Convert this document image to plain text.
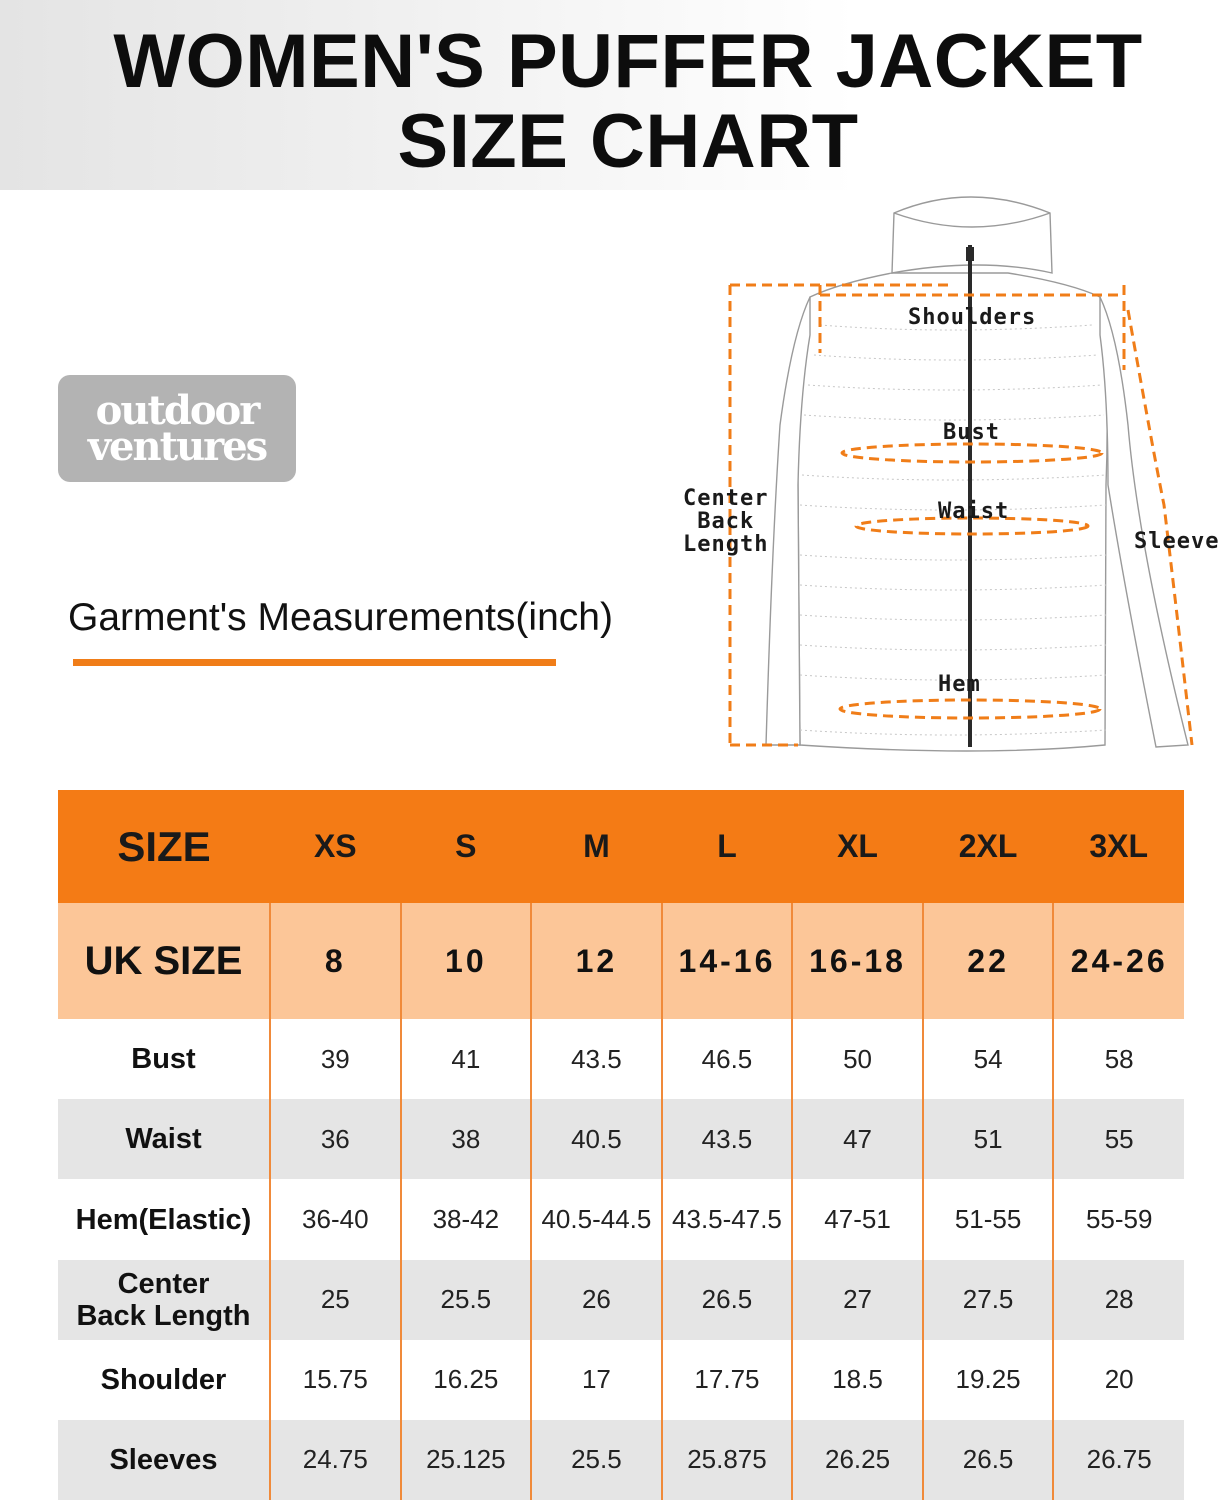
WOMEN'S PUFFER JACKET
SIZE CHART
outdoor
ventures
Garment's Measurements(inch)
Shoulders
Bust
Waist
Center
Back
Length	Sleeve
Hem
SIZE	XS	S	M	L	XL	2XL	3XL
UK SIZE	8	10	12	14-16	16-18	22	24-26
Bust	39	41	43.5	46.5	50	54	58
Waist	36	38	40.5	43.5	47	51	55
Hem(Elastic)	36-40	38-42	40.5-44.5	43.5-47.5	47-51	51-55	55-59

Center
Back Length	25	25.5	26	26.5	27	27.5	28
Shoulder	15.75	16.25	17	17.75	18.5	19.25	20
Sleeves	24.75	25.125	25.5	25.875	26.25	26.5	26.75
